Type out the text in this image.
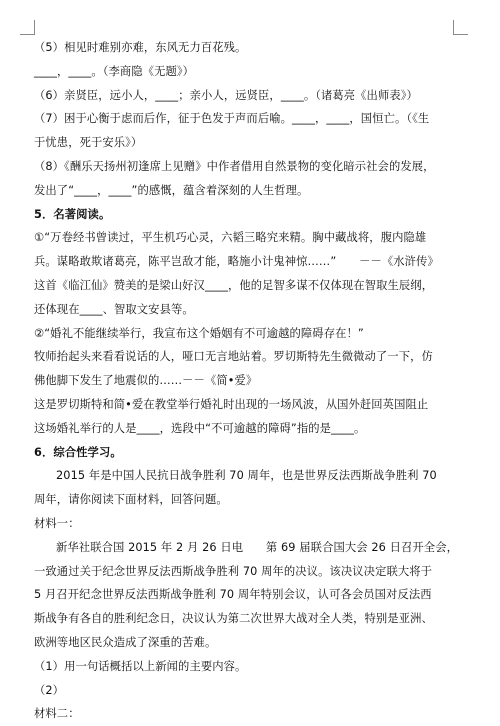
（5）相见时难别亦难，东风无力百花残。
____，____。（李商隐《无题》）
（6）亲贤臣，远小人，____；亲小人，远贤臣，____。（诸葛亮《出师表》）
（7）困于心衡于虑而后作，征于色发于声而后喻。____，____，国恒亡。（《生
于忧患，死于安乐》）
（8）《酬乐天扬州初逢席上见赠》中作者借用自然景物的变化暗示社会的发展，
发出了“____，____”的感慨，蕴含着深刻的人生哲理。
5．名著阅读。
①“万卷经书曾读过，平生机巧心灵，六韬三略究来精。胸中藏战将，腹内隐雄
兵。谋略敢欺诸葛亮，陈平岂敌才能，略施小计鬼神惊……”　　－－《水浒传》
这首《临江仙》赞美的是梁山好汉____，他的足智多谋不仅体现在智取生辰纲，
还体现在____、智取文安县等。
②“婚礼不能继续举行，我宣布这个婚姻有不可逾越的障碍存在！”
牧师抬起头来看看说话的人，哑口无言地站着。罗切斯特先生微微动了一下，仿
佛他脚下发生了地震似的……－－《简•爱》
这是罗切斯特和简•爱在教堂举行婚礼时出现的一场风波，从国外赶回英国阻止
这场婚礼举行的人是____，选段中“不可逾越的障碍”指的是____。
6．综合性学习。
2015 年是中国人民抗日战争胜利 70 周年，也是世界反法西斯战争胜利 70
周年，请你阅读下面材料，回答问题。
材料一：
新华社联合国 2015 年 2 月 26 日电　　第 69 届联合国大会 26 日召开全会，
一致通过关于纪念世界反法西斯战争胜利 70 周年的决议。该决议决定联大将于
5 月召开纪念世界反法西斯战争胜利 70 周年特别会议，认可各会员国对反法西
斯战争有各自的胜利纪念日，决议认为第二次世界大战对全人类，特别是亚洲、
欧洲等地区民众造成了深重的苦难。
（1）用一句话概括以上新闻的主要内容。
（2）
材料二：
